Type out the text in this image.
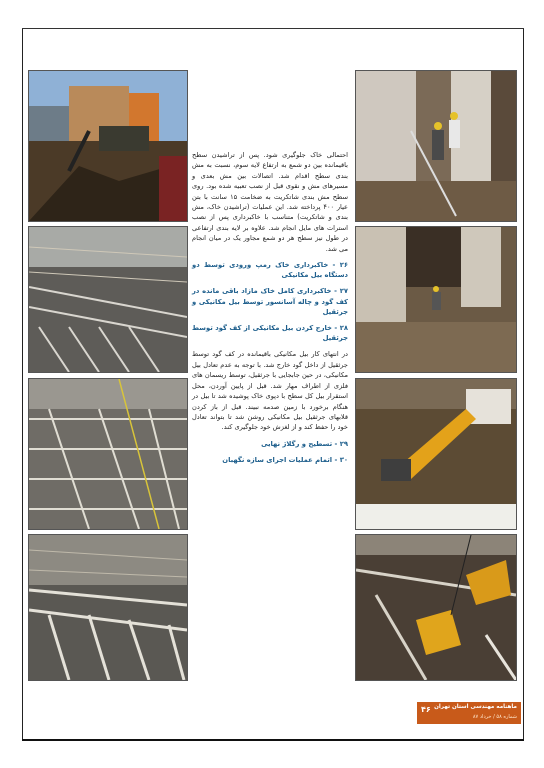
احتمالی خاک جلوگیری شود. پس از تراشیدن سطح باقیمانده بین دو شمع به ارتفاع لایه سوم، نسبت به مش بندی سطح اقدام شد. اتصالات بین مش بعدی و مسیرهای مش و نقوی قبل از نصب تعبیه شده بود. روی سطح مش بندی شاتکریت به ضخامت ۱۵ سانت با بتن عیار ۴۰۰ پرداخته شد. این عملیات (تراشیدن خاک، مش بندی و شاتکریت) متناسب با خاکبرداری پس از نصب استرات های مایل انجام شد. علاوه بر لایه بندی ارتفاعی در طول نیز سطح هر دو شمع مجاور یک در میان انجام می شد.

۲۶ - خاکبرداری خاک رمپ ورودی توسط دو دستگاه بیل مکانیکی

۲۷ - خاکبرداری کامل خاک مازاد باقی مانده در کف گود و چاله آسانسور توسط بیل مکانیکی و جرثقیل

۲۸ - خارج کردن بیل مکانیکی از کف گود توسط جرثقیل

در انتهای کار بیل مکانیکی باقیمانده در کف گود توسط جرثقیل از داخل گود خارج شد. با توجه به عدم تعادل بیل مکانیکی، در حین جابجایی با جرثقیل، توسط ریسمان های فلزی از اطراف مهار شد. قبل از پایین آوردن، محل استقرار بیل کل سطح با دپوی خاک پوشیده شد تا بیل در هنگام برخورد با زمین صدمه نبیند. قبل از باز کردن قلابهای جرثقیل بیل مکانیکی روشن شد تا بتواند تعادل خود را حفظ کند و از لغزش خود جلوگیری کند.

۲۹ - تسطیح و رگلاژ نهایی

۳۰ - اتمام عملیات اجرای سازه نگهبان

۴۶ ماهنامه مهندسی استان تهران
شماره ۵۸ / خرداد ۸۷
